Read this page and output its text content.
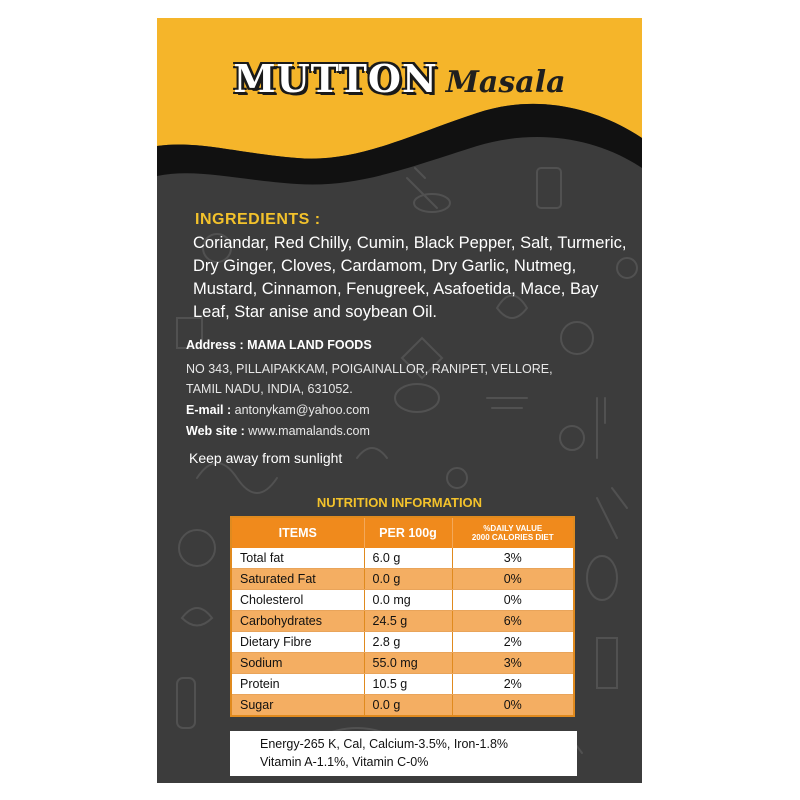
MUTTON Masala
INGREDIENTS :
Coriandar, Red Chilly, Cumin, Black Pepper, Salt, Turmeric, Dry Ginger, Cloves, Cardamom, Dry Garlic, Nutmeg, Mustard, Cinnamon, Fenugreek, Asafoetida, Mace, Bay Leaf, Star anise and soybean Oil.
Address : MAMA LAND FOODS
NO 343, PILLAIPAKKAM, POIGAINALLOR, RANIPET, VELLORE,
TAMIL NADU, INDIA, 631052.
E-mail : antonykam@yahoo.com
Web site : www.mamalands.com
Keep away from sunlight
NUTRITION INFORMATION
ITEMS	PER 100g	%DAILY VALUE
2000 CALORIES DIET
Total fat	6.0 g	3%
Saturated Fat	0.0 g	0%
Cholesterol	0.0 mg	0%
Carbohydrates	24.5 g	6%
Dietary Fibre	2.8 g	2%
Sodium	55.0 mg	3%
Protein	10.5 g	2%
Sugar	0.0 g	0%
Energy-265 K, Cal, Calcium-3.5%, Iron-1.8%
Vitamin A-1.1%, Vitamin C-0%
